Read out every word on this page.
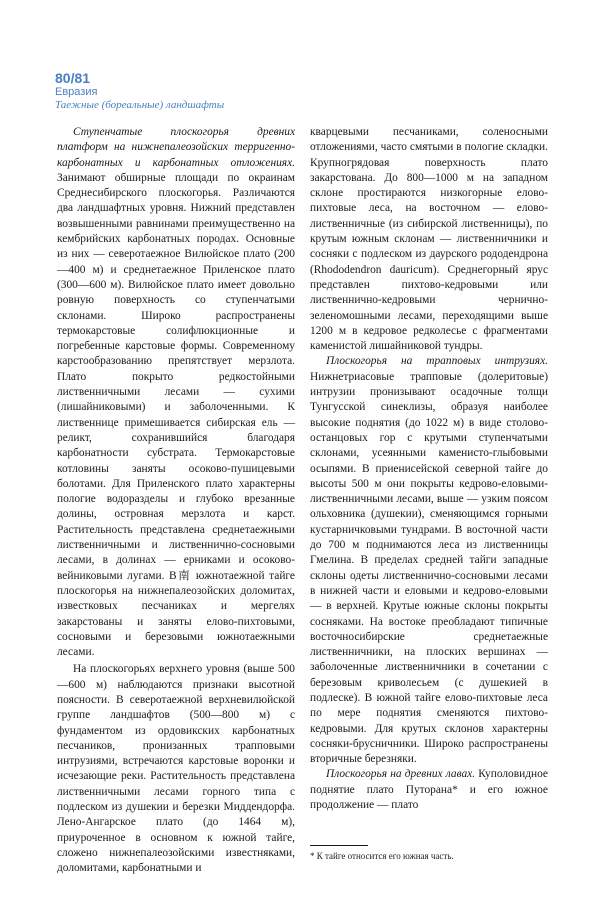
80/81
Евразия
Таежные (бореальные) ландшафты

Ступенчатые плоскогорья древних платформ на нижнепалеозойских терригенно-карбонатных и карбонатных отложениях. Занимают обширные площади по окраинам Среднесибирского плоскогорья. Различаются два ландшафтных уровня. Нижний представлен возвышенными равнинами преимущественно на кембрийских карбонатных породах. Основные из них — северотаежное Вилюйское плато (200—400 м) и среднетаежное Приленское плато (300—600 м). Вилюйское плато имеет довольно ровную поверхность со ступенчатыми склонами. Широко распространены термокарстовые солифлюкционные и погребенные карстовые формы. Современному карстообразованию препятствует мерзлота. Плато покрыто редкостойными лиственничными лесами — сухими (лишайниковыми) и заболоченными. К лиственнице примешивается сибирская ель — реликт, сохранившийся благодаря карбонатности субстрата. Термокарстовые котловины заняты осоково-пушицевыми болотами. Для Приленского плато характерны пологие водоразделы и глубоко врезанные долины, островная мерзлота и карст. Растительность представлена среднетаежными лиственничными и лиственнично-сосновыми лесами, в долинах — ерниками и осоково-вейниковыми лугами. В南 южнотаежной тайге плоскогорья на нижнепалеозойских доломитах, известковых песчаниках и мергелях закарстованы и заняты елово-пихтовыми, сосновыми и березовыми южнотаежными лесами.

На плоскогорьях верхнего уровня (выше 500—600 м) наблюдаются признаки высотной поясности. В северотаежной верхневилюйской группе ландшафтов (500—800 м) с фундаментом из ордовикских карбонатных песчаников, пронизанных трапповыми интрузиями, встречаются карстовые воронки и исчезающие реки. Растительность представлена лиственничными лесами горного типа с подлеском из душекии и березки Миддендорфа. Лено-Ангарское плато (до 1464 м), приуроченное в основном к южной тайге, сложено нижнепалеозойскими известняками, доломитами, карбонатными и

кварцевыми песчаниками, соленосными отложениями, часто смятыми в пологие складки. Крупногрядовая поверхность плато закарстована. До 800—1000 м на западном склоне простираются низкогорные елово-пихтовые леса, на восточном — елово-лиственничные (из сибирской лиственницы), по крутым южным склонам — лиственничники и сосняки с подлеском из даурского рододендрона (Rhododendron dauricum). Среднегорный ярус представлен пихтово-кедровыми или лиственнично-кедровыми чернично-зеленомошными лесами, переходящими выше 1200 м в кедровое редколесье с фрагментами каменистой лишайниковой тундры.

Плоскогорья на трапповых интрузиях. Нижнетриасовые трапповые (долеритовые) интрузии пронизывают осадочные толщи Тунгусской синеклизы, образуя наиболее высокие поднятия (до 1022 м) в виде столово-останцовых гор с крутыми ступенчатыми склонами, усеянными каменисто-глыбовыми осыпями. В приенисейской северной тайге до высоты 500 м они покрыты кедрово-еловыми-лиственничными лесами, выше — узким поясом ольховника (душекии), сменяющимся горными кустарничковыми тундрами. В восточной части до 700 м поднимаются леса из лиственницы Гмелина. В пределах средней тайги западные склоны одеты лиственнично-сосновыми лесами в нижней части и еловыми и кедрово-еловыми — в верхней. Крутые южные склоны покрыты сосняками. На востоке преобладают типичные восточносибирские среднетаежные лиственничники, на плоских вершинах — заболоченные лиственничники в сочетании с березовым криволесьем (с душекией в подлеске). В южной тайге елово-пихтовые леса по мере поднятия сменяются пихтово-кедровыми. Для крутых склонов характерны сосняки-брусничники. Широко распространены вторичные березняки.

Плоскогорья на древних лавах. Куполовидное поднятие плато Путорана* и его южное продолжение — плато

* К тайге относится его южная часть.
